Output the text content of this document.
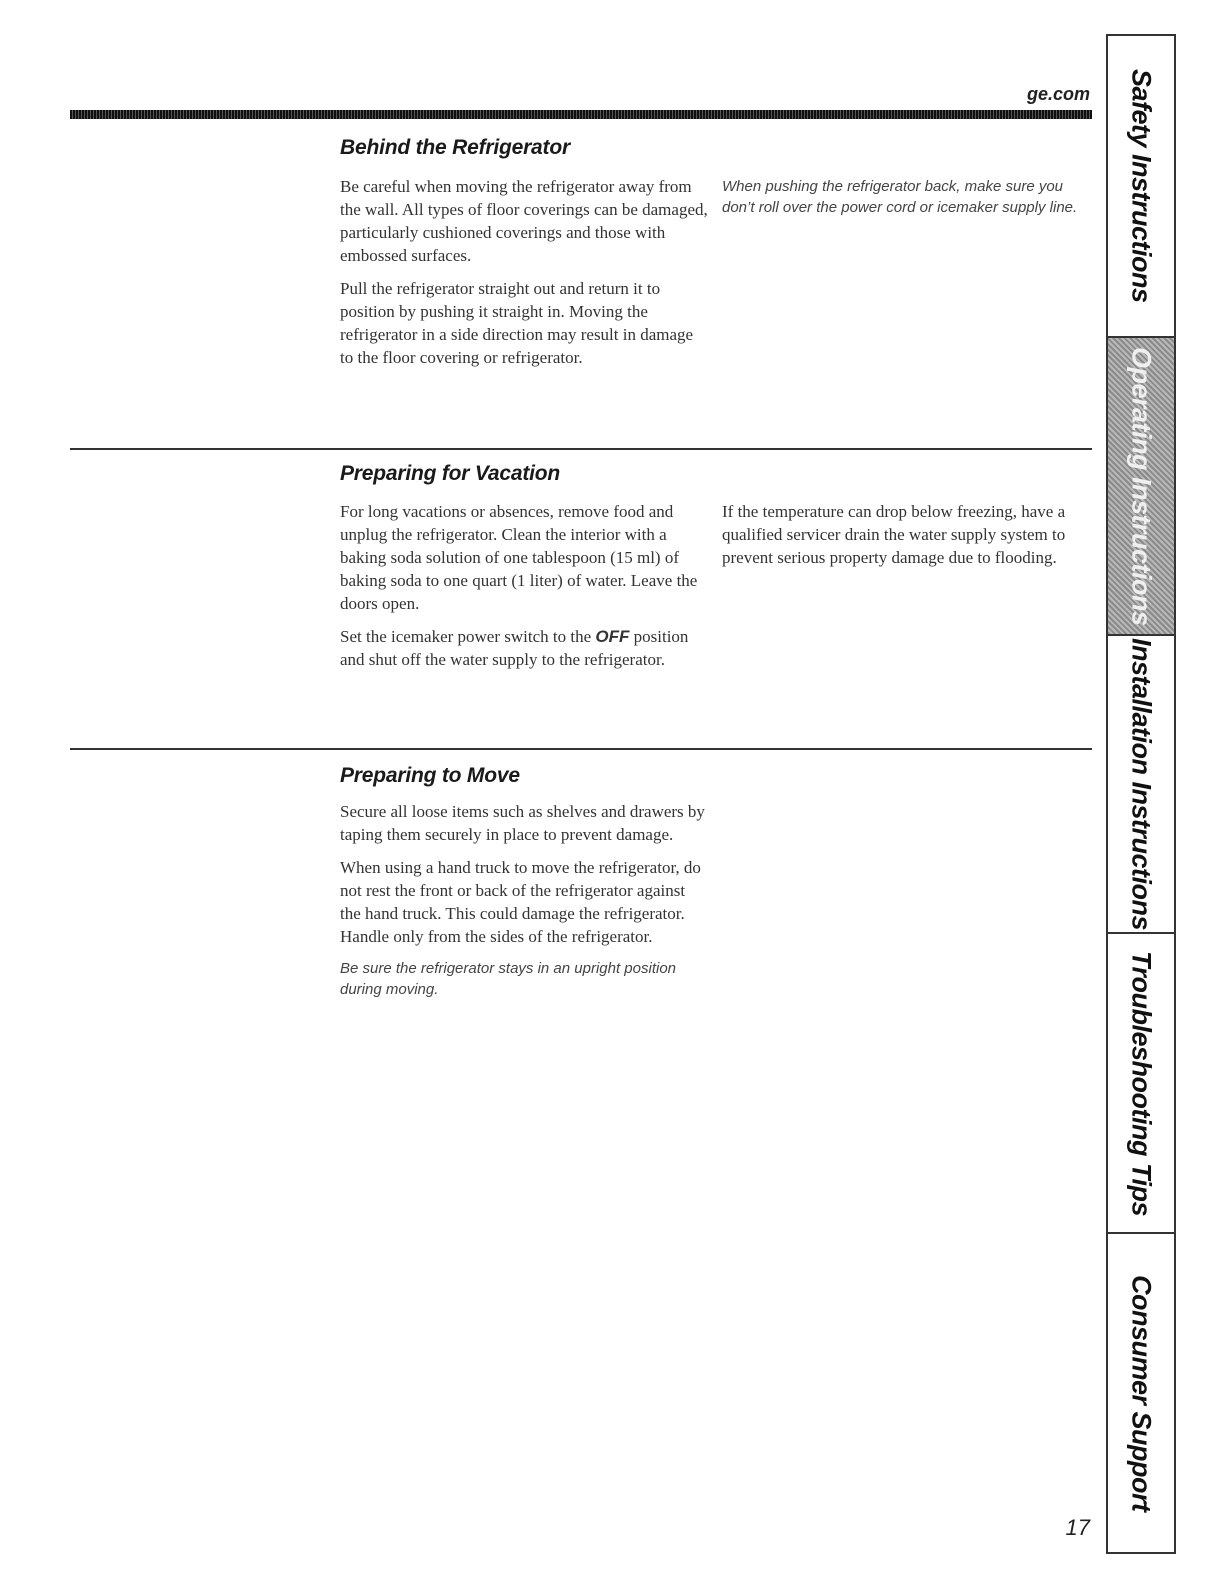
ge.com
Behind the Refrigerator

Be careful when moving the refrigerator away from the wall. All types of floor coverings can be damaged, particularly cushioned coverings and those with embossed surfaces.

Pull the refrigerator straight out and return it to position by pushing it straight in. Moving the refrigerator in a side direction may result in damage to the floor covering or refrigerator.

When pushing the refrigerator back, make sure you don’t roll over the power cord or icemaker supply line.
Preparing for Vacation

For long vacations or absences, remove food and unplug the refrigerator. Clean the interior with a baking soda solution of one tablespoon (15 ml) of baking soda to one quart (1 liter) of water. Leave the doors open.

Set the icemaker power switch to the OFF position and shut off the water supply to the refrigerator.

If the temperature can drop below freezing, have a qualified servicer drain the water supply system to prevent serious property damage due to flooding.

Preparing to Move

Secure all loose items such as shelves and drawers by taping them securely in place to prevent damage.

When using a hand truck to move the refrigerator, do not rest the front or back of the refrigerator against the hand truck. This could damage the refrigerator. Handle only from the sides of the refrigerator.

Be sure the refrigerator stays in an upright position during moving.

17
Safety Instructions
Operating Instructions
Installation Instructions
Troubleshooting Tips
Consumer Support
